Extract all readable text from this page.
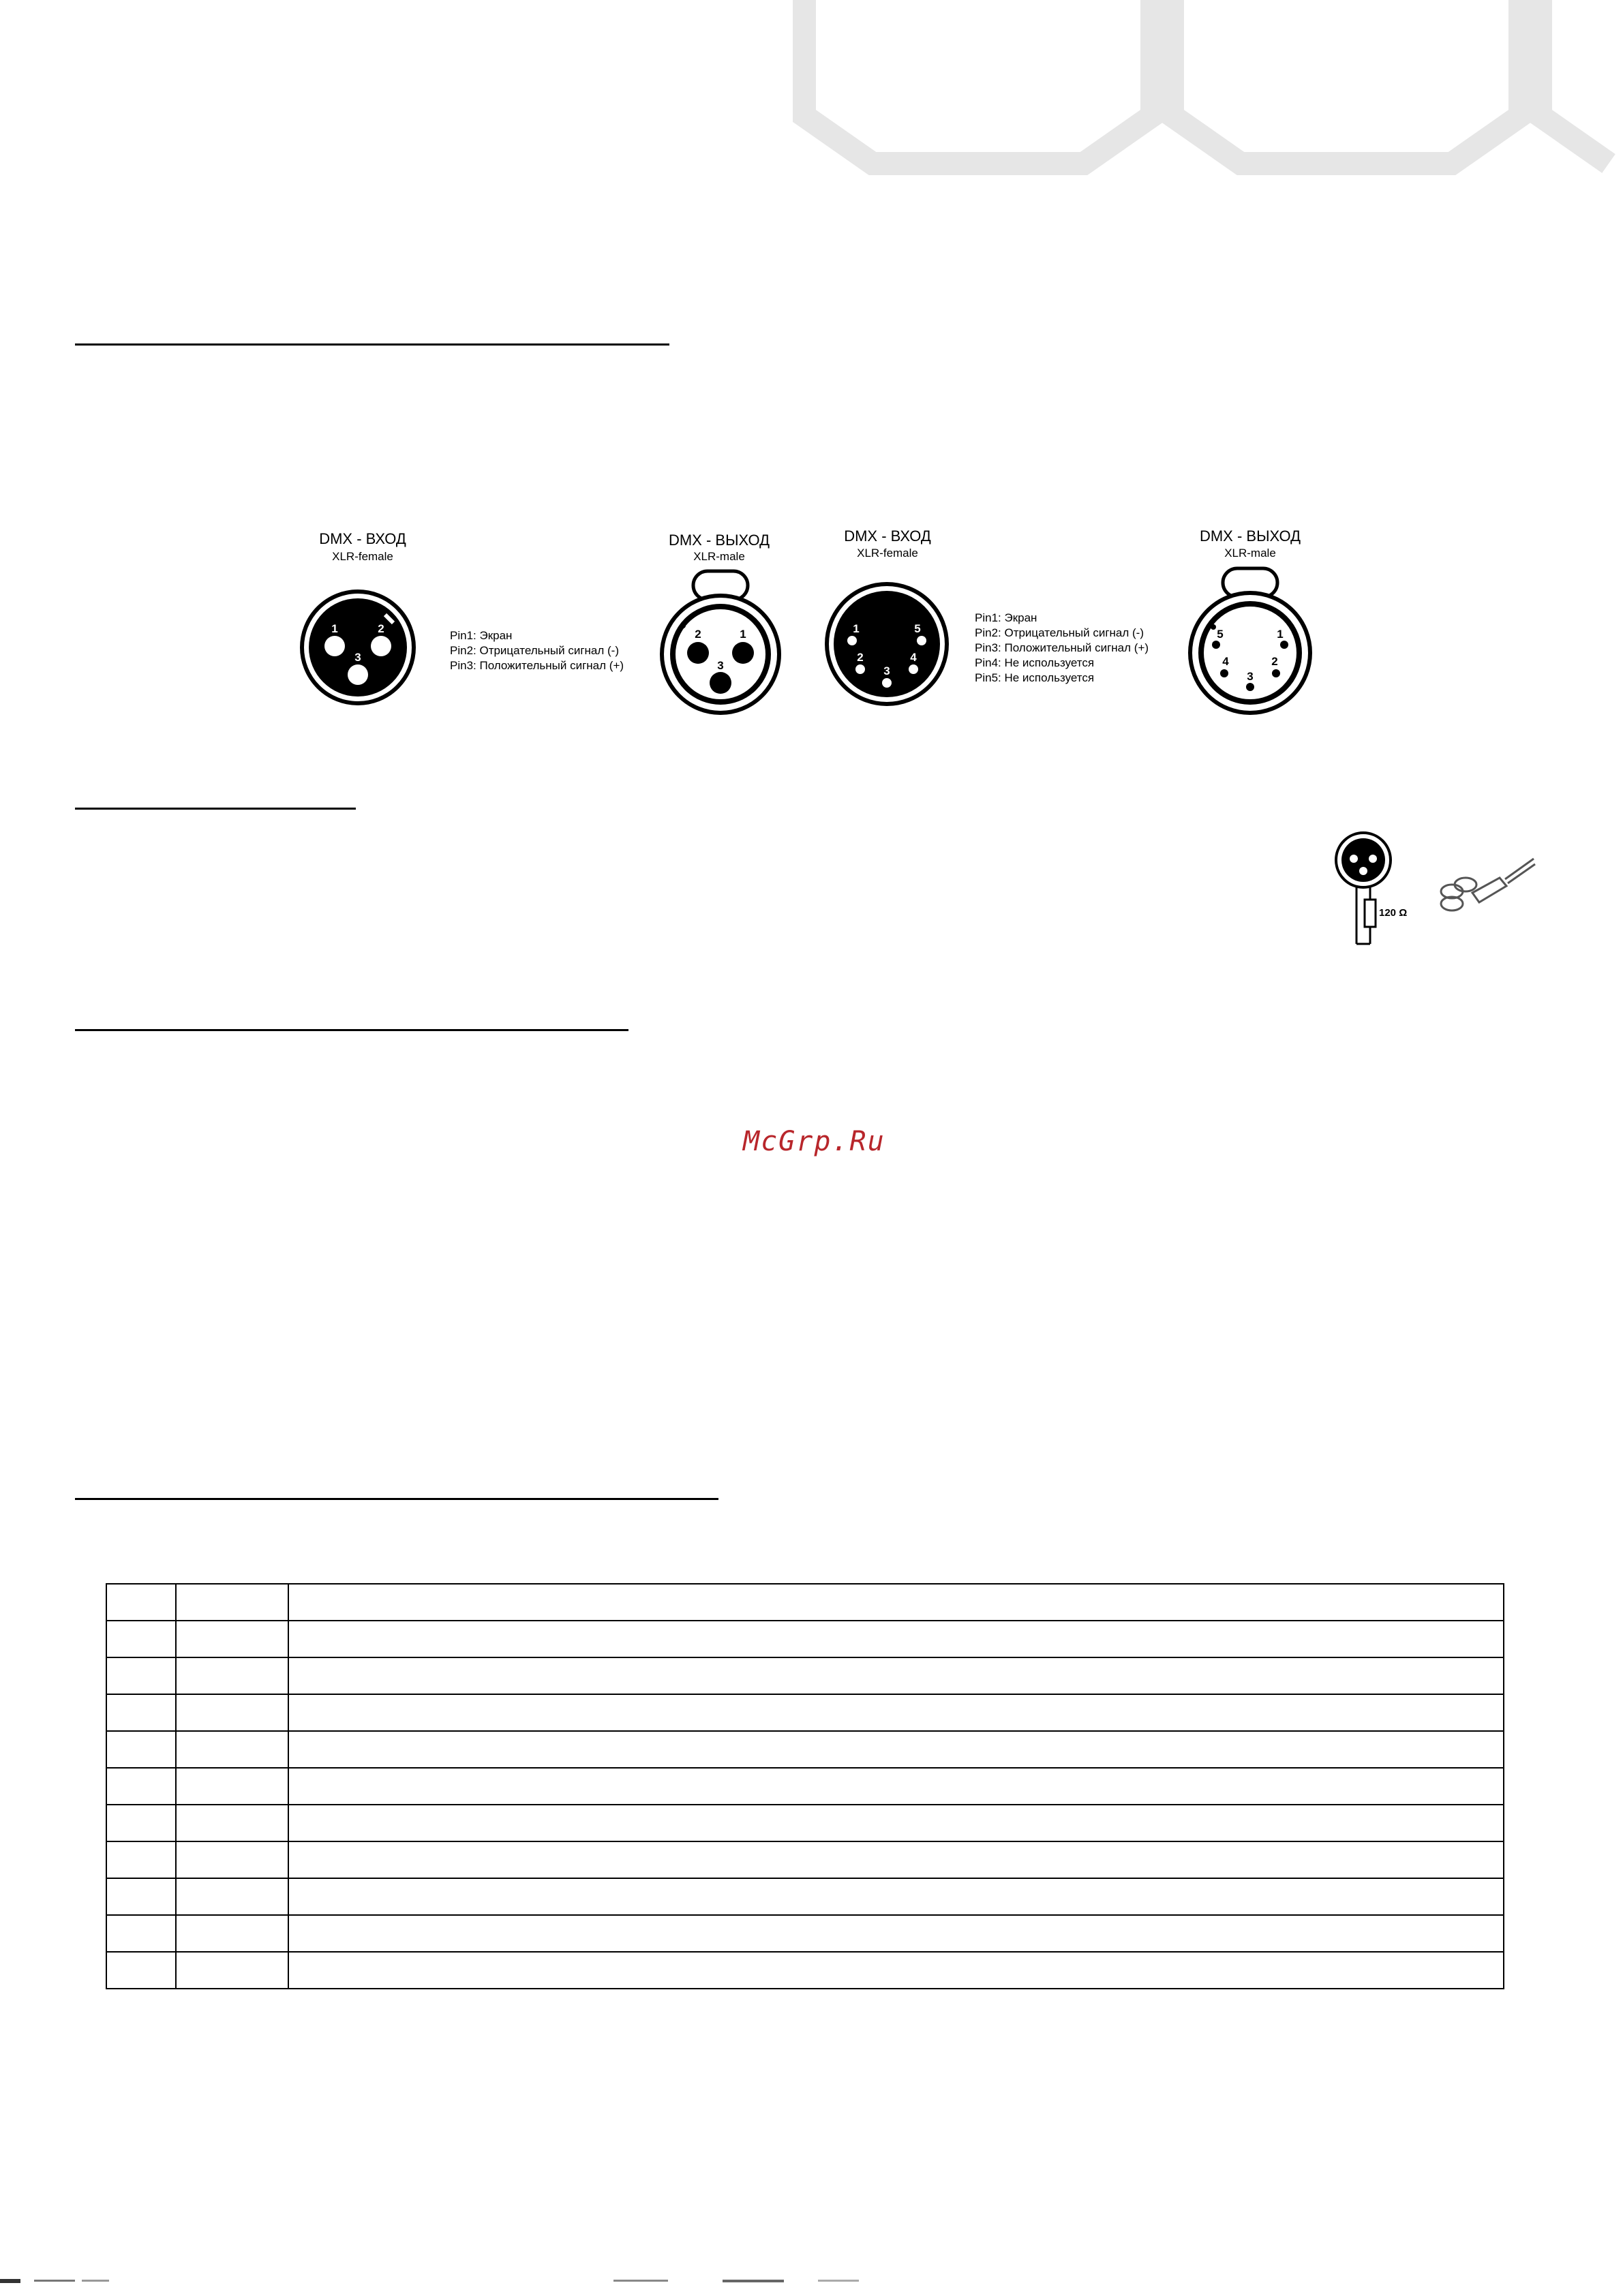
DMX - ВХОД
XLR-female
1	2
3
Pin1: Экран
Pin2: Отрицательный сигнал (-)
Pin3: Положительный сигнал (+)
DMX - ВЫХОД
XLR-male
2	1
3
DMX - ВХОД
XLR-female
1	5
2	4
3
Pin1: Экран
Pin2: Отрицательный сигнал (-)
Pin3: Положительный сигнал (+)
Pin4: Не используется
Pin5: Не используется
DMX - ВЫХОД
XLR-male
5	1
4	2
3
120 Ω
McGrp.Ru
